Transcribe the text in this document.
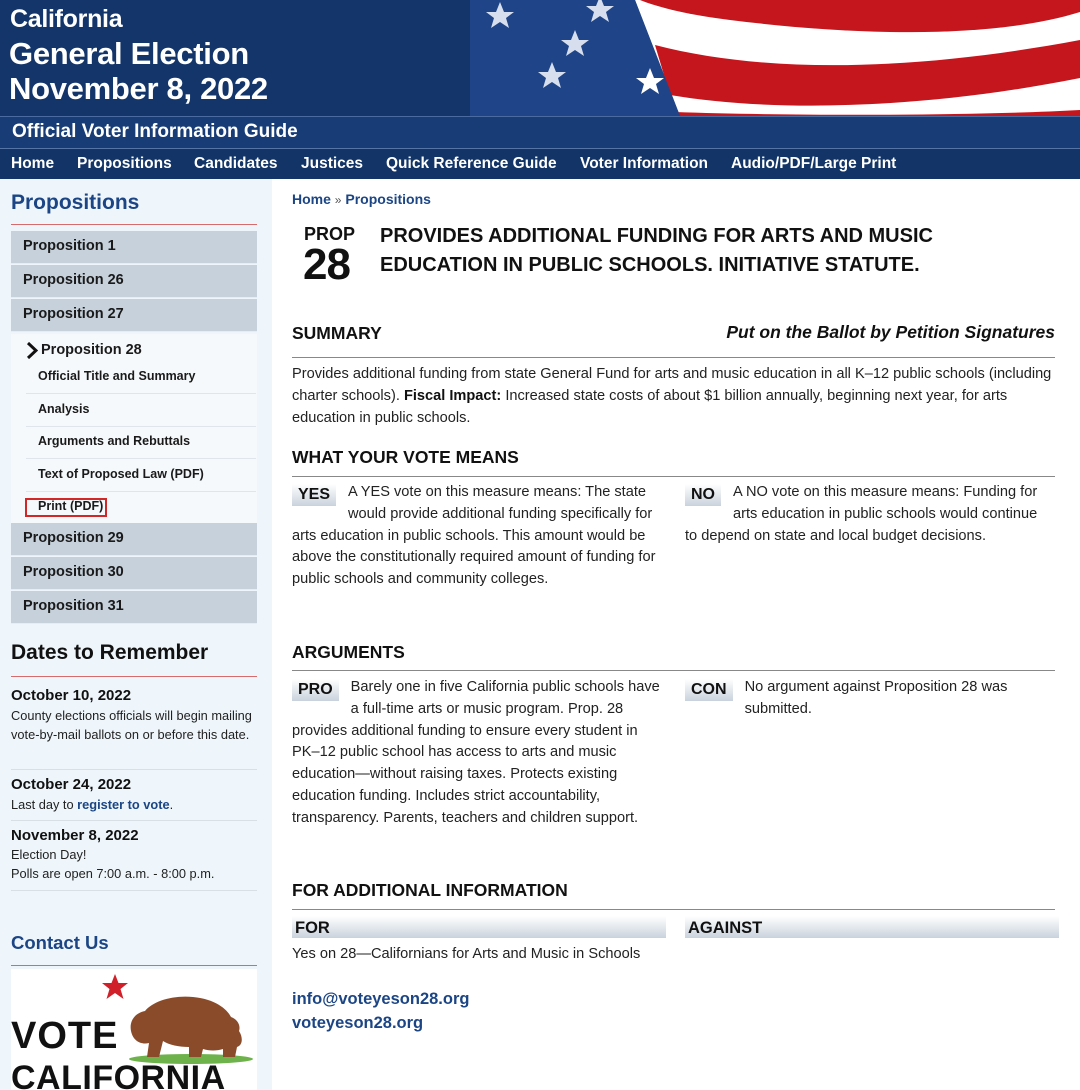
California
General Election
November 8, 2022
Official Voter Information Guide
Home Propositions Candidates Justices Quick Reference Guide Voter Information Audio/PDF/Large Print
Propositions
Proposition 1
Proposition 26
Proposition 27
Proposition 28
Official Title and Summary
Analysis
Arguments and Rebuttals
Text of Proposed Law (PDF)
Print (PDF)
Proposition 29
Proposition 30
Proposition 31
Dates to Remember
October 10, 2022
County elections officials will begin mailing vote-by-mail ballots on or before this date.
October 24, 2022
Last day to register to vote.
November 8, 2022
Election Day!
Polls are open 7:00 a.m. - 8:00 p.m.
Contact Us
VOTE
CALIFORNIA
Home » Propositions
PROP
28
PROVIDES ADDITIONAL FUNDING FOR ARTS AND MUSIC EDUCATION IN PUBLIC SCHOOLS. INITIATIVE STATUTE.
SUMMARY	Put on the Ballot by Petition Signatures
Provides additional funding from state General Fund for arts and music education in all K–12 public schools (including charter schools). Fiscal Impact: Increased state costs of about $1 billion annually, beginning next year, for arts education in public schools.
WHAT YOUR VOTE MEANS
YES	A YES vote on this measure means: The state would provide additional funding specifically for arts education in public schools. This amount would be above the constitutionally required amount of funding for public schools and community colleges.
NO	A NO vote on this measure means: Funding for arts education in public schools would continue to depend on state and local budget decisions.
ARGUMENTS
PRO	Barely one in five California public schools have a full-time arts or music program. Prop. 28 provides additional funding to ensure every student in PK–12 public school has access to arts and music education—without raising taxes. Protects existing education funding. Includes strict accountability, transparency. Parents, teachers and children support.
CON	No argument against Proposition 28 was submitted.
FOR ADDITIONAL INFORMATION
FOR	AGAINST
Yes on 28—Californians for Arts and Music in Schools
info@voteyeson28.org
voteyeson28.org
